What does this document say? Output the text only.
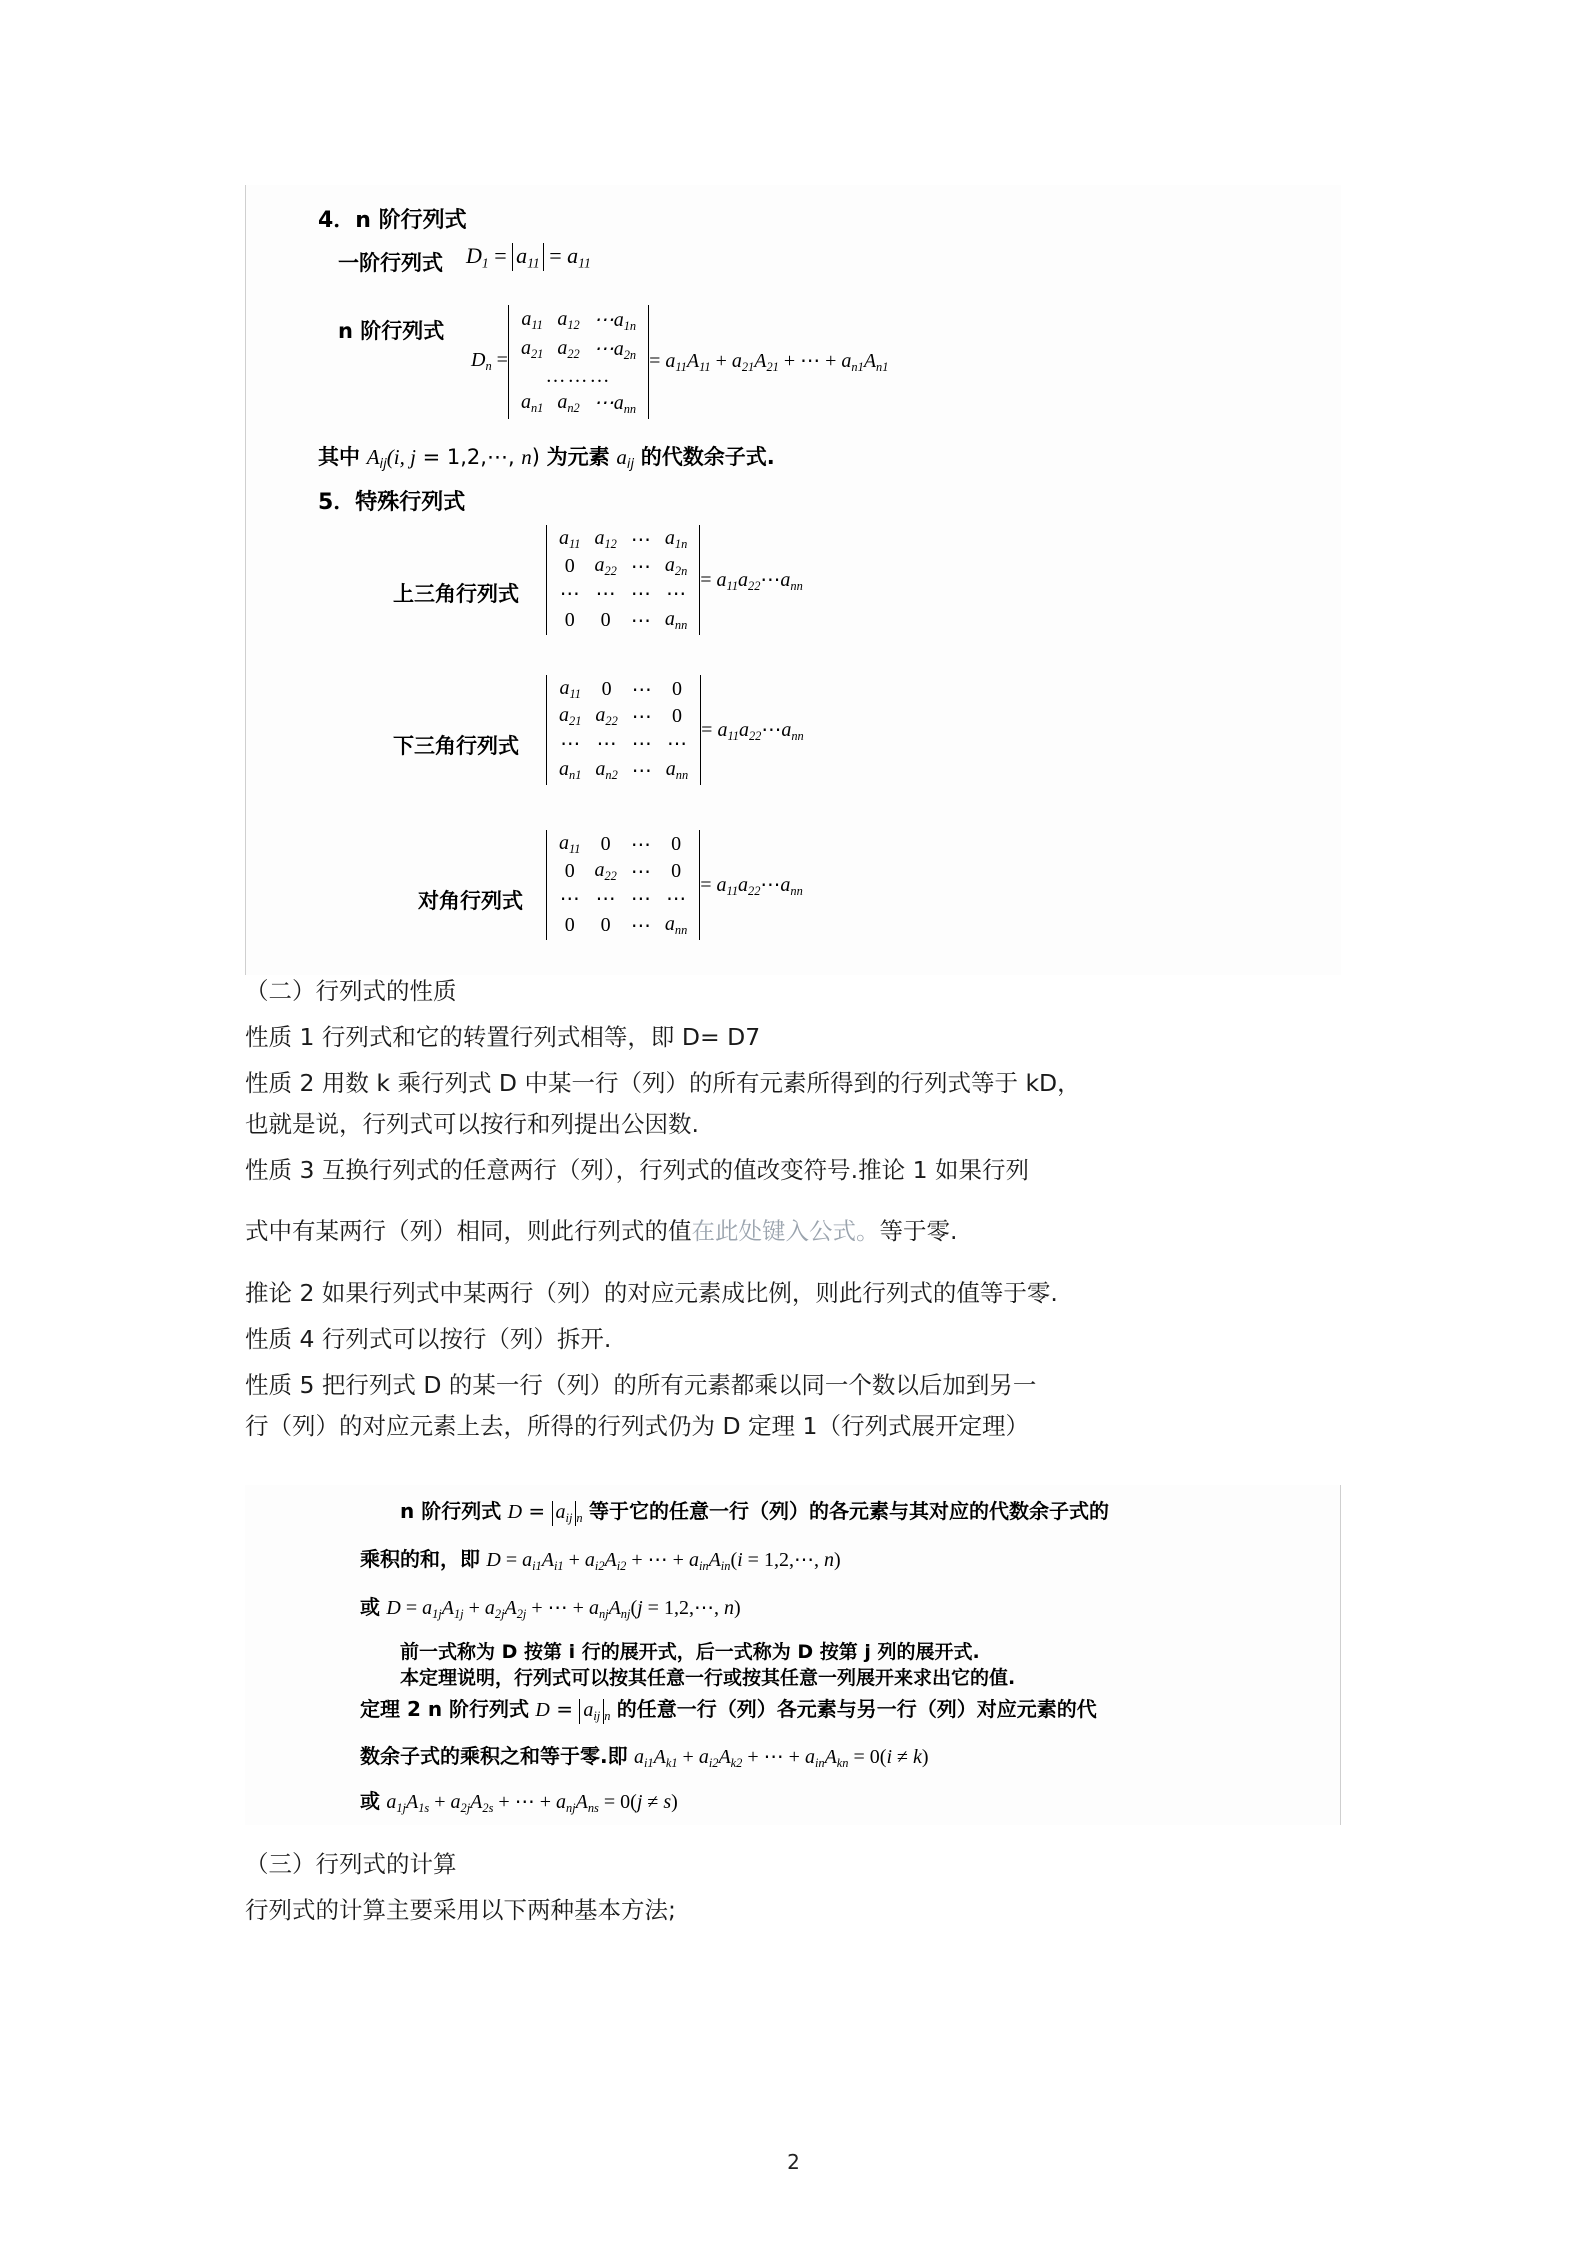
4．n 阶行列式
一阶行列式 $D_1 = a_{11} = a_{11}$
n 阶行列式
$D_n$ =
$a_{11}$	$a_{12}$	$\cdots a_{1n}$
$a_{21}$	$a_{22}$	$\cdots a_{2n}$
………		
$a_{n1}$	$a_{n2}$	$\cdots a_{nn}$
= $a_{11}A_{11} + a_{21}A_{21}$ + ⋯ + $a_{n1}A_{n1}$
其中 $A_{ij}(i$, j = 1,2,⋯, n) 为元素 $a_{ij}$ 的代数余子式.
5．特殊行列式
上三角行列式
$a_{11}$	$a_{12}$	⋯	$a_{1n}$
0	$a_{22}$	⋯	$a_{2n}$
⋯	⋯	⋯	⋯
0	0	⋯	$a_{nn}$
= $a_{11}a_{22}\cdots a_{nn}$
下三角行列式
$a_{11}$	0	⋯	0
$a_{21}$	$a_{22}$	⋯	0
⋯	⋯	⋯	⋯
$a_{n1}$	$a_{n2}$	⋯	$a_{nn}$
= $a_{11}a_{22}\cdots a_{nn}$
对角行列式
$a_{11}$	0	⋯	0
0	$a_{22}$	⋯	0
⋯	⋯	⋯	⋯
0	0	⋯	$a_{nn}$
= $a_{11}a_{22}\cdots a_{nn}$
（二）行列式的性质
性质 1 行列式和它的转置行列式相等，即 D= D7
性质 2 用数 k 乘行列式 D 中某一行（列）的所有元素所得到的行列式等于 kD，
也就是说，行列式可以按行和列提出公因数.
性质 3 互换行列式的任意两行（列），行列式的值改变符号.推论 1 如果行列
式中有某两行（列）相同，则此行列式的值在此处键入公式。等于零.
推论 2 如果行列式中某两行（列）的对应元素成比例，则此行列式的值等于零.
性质 4 行列式可以按行（列）拆开.
性质 5 把行列式 D 的某一行（列）的所有元素都乘以同一个数以后加到另一
行（列）的对应元素上去，所得的行列式仍为 D 定理 1（行列式展开定理）
n 阶行列式 $D = a_{ij}$ $_n$ 等于它的任意一行（列）的各元素与其对应的代数余子式的
乘积的和，即 $D = a_{i1}A_{i1} + a_{i2}A_{i2}$ + ⋯ + $a_{in}A_{in}(i$ = 1,2,⋯, n)
或 $D = a_{1j}A_{1j} + a_{2j}A_{2j}$ + ⋯ + $a_{nj}A_{nj}(j$ = 1,2,⋯, n)
前一式称为 D 按第 i 行的展开式，后一式称为 D 按第 j 列的展开式.
本定理说明，行列式可以按其任意一行或按其任意一列展开来求出它的值.
定理 2 n 阶行列式 $D = a_{ij}$ $_n$ 的任意一行（列）各元素与另一行（列）对应元素的代
数余子式的乘积之和等于零.即 $a_{i1}A_{k1} + a_{i2}A_{k2}$ + ⋯ + $a_{in}A_{kn} = 0(i \ne k)$
或 $a_{1j}A_{1s} + a_{2j}A_{2s}$ + ⋯ + $a_{nj}A_{ns} = 0(j \ne s)$
（三）行列式的计算
行列式的计算主要采用以下两种基本方法;
2
